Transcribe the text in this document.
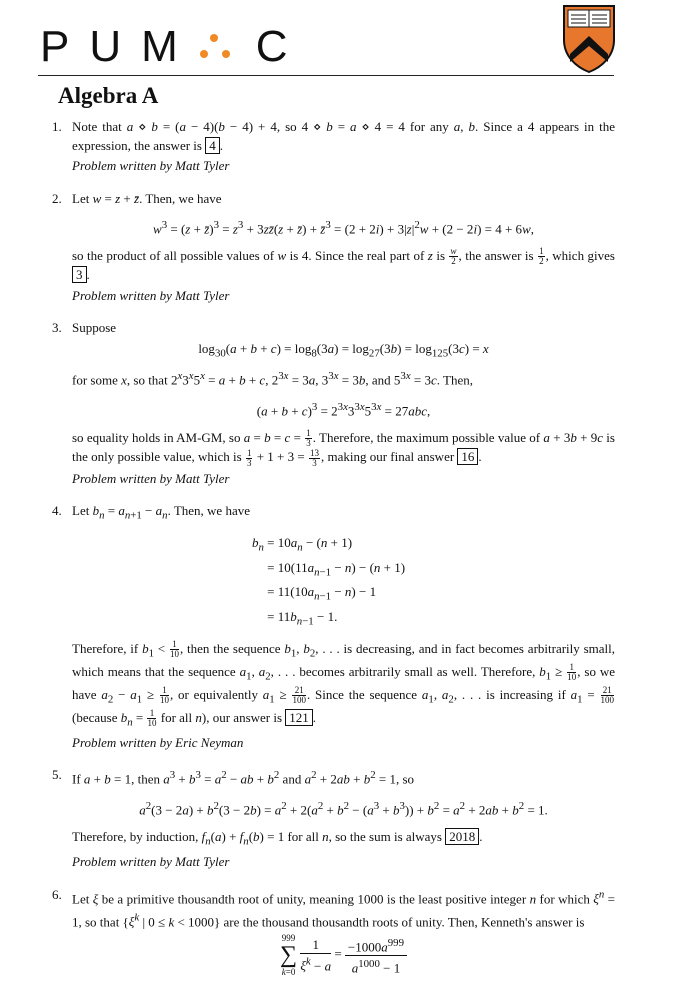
PUM C
Algebra A
1. Note that a ⋄ b = (a − 4)(b − 4) + 4, so 4 ⋄ b = a ⋄ 4 = 4 for any a, b. Since a 4 appears in the expression, the answer is 4 .

Problem written by Matt Tyler

2. Let w = z + z̄. Then, we have

$w^3 = (z$ + z̄)$^3$ = $z^3$ + 3zz̄(z + z̄) + z̄$^3$ = $(2 + 2i) + 3|z|^2w + (2 - 2i) = 4 + 6w$,

so the product of all possible values of w is 4. Since the real part of z is $\frac{w}{2}$ , the answer is $\frac{1}{2}$ , which gives 3 .

Problem written by Matt Tyler

3. Suppose

$\log_{30}(a + b + c) = \log_8(3a) = \log_{27}(3b) = \log_{125}(3c) = x$

for some x, so that $2^x3^x5^x = a + b + c$, $2^{3x} = 3a$, $3^{3x} = 3b$, and $5^{3x} = 3c$. Then,

$(a + b + c)^3 = 2^{3x}3^{3x}5^{3x} = 27abc$,

so equality holds in AM-GM, so $a = b = c = \frac{1}{3}$ . Therefore, the maximum possible value of a + 3b + 9c is the only possible value, which is $\frac{1}{3} + 1 + 3 = \frac{13}{3}$ , making our final answer 16 .

Problem written by Matt Tyler

4. Let $b_n = a_{n+1} - a_n$. Then, we have

$b_n = 10a_n - (n + 1)$
= $10(11a_{n-1} - n) - (n + 1)$
= $11(10a_{n-1} - n) - 1$
= $11b_{n-1} - 1$.

Therefore, if $b_1 < \frac{1}{10}$ , then the sequence $b_1$, $b_2$, . . . is decreasing, and in fact becomes arbitrarily small, which means that the sequence $a_1$, $a_2$, . . . becomes arbitrarily small as well. Therefore, $b_1 \ge \frac{1}{10}$ , so we have $a_2 - a_1 \ge \frac{1}{10}$ , or equivalently $a_1 \ge \frac{21}{100}$ . Since the sequence $a_1$, $a_2$, . . . is increasing if $a_1 = \frac{21}{100}$
(because $b_n = \frac{1}{10}$ for all n), our answer is 121 .

Problem written by Eric Neyman

5. If a + b = 1, then $a^3 + b^3 = a^2$ − ab + $b^2$ and $a^2 + 2ab + b^2 = 1$, so

$a^2(3 - 2a) + b^2(3 - 2b) = a^2 + 2(a^2 + b^2 - (a^3 + b^3)) + b^2 = a^2 + 2ab + b^2 = 1$.

Therefore, by induction, $f_n(a) + f_n(b) = 1$ for all n, so the sum is always 2018 .

Problem written by Matt Tyler

6. Let ξ be a primitive thousandth root of unity, meaning 1000 is the least positive integer n for which $\xi^n = 1$, so that {$\xi^k$ | 0 ≤ k < 1000} are the thousand thousandth roots of unity. Then, Kenneth's answer is

999
∑
$k=0 \frac{1}{\xi^k - a} = \frac{-1000a^{999}}{a^{1000} - 1}$
